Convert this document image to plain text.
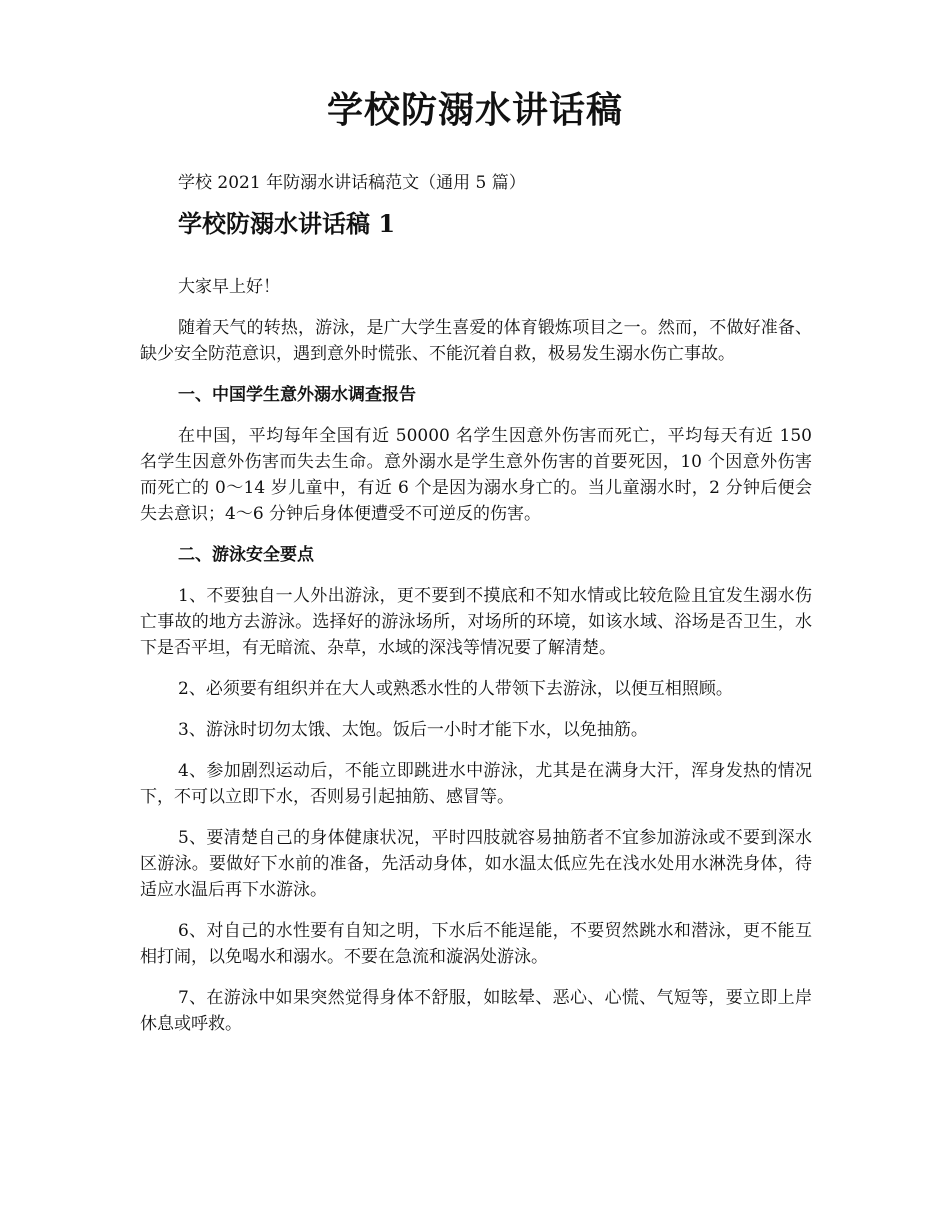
学校防溺水讲话稿

学校 2021 年防溺水讲话稿范文（通用 5 篇）

学校防溺水讲话稿 1

大家早上好！

随着天气的转热，游泳，是广大学生喜爱的体育锻炼项目之一。然而，不做好准备、缺少安全防范意识，遇到意外时慌张、不能沉着自救，极易发生溺水伤亡事故。

一、中国学生意外溺水调查报告

在中国，平均每年全国有近 50000 名学生因意外伤害而死亡，平均每天有近 150 名学生因意外伤害而失去生命。意外溺水是学生意外伤害的首要死因，10 个因意外伤害而死亡的 0～14 岁儿童中，有近 6 个是因为溺水身亡的。当儿童溺水时，2 分钟后便会失去意识；4～6 分钟后身体便遭受不可逆反的伤害。

二、游泳安全要点

1、不要独自一人外出游泳，更不要到不摸底和不知水情或比较危险且宜发生溺水伤亡事故的地方去游泳。选择好的游泳场所，对场所的环境，如该水域、浴场是否卫生，水下是否平坦，有无暗流、杂草，水域的深浅等情况要了解清楚。

2、必须要有组织并在大人或熟悉水性的人带领下去游泳，以便互相照顾。

3、游泳时切勿太饿、太饱。饭后一小时才能下水，以免抽筋。

4、参加剧烈运动后，不能立即跳进水中游泳，尤其是在满身大汗，浑身发热的情况下，不可以立即下水，否则易引起抽筋、感冒等。

5、要清楚自己的身体健康状况，平时四肢就容易抽筋者不宜参加游泳或不要到深水区游泳。要做好下水前的准备，先活动身体，如水温太低应先在浅水处用水淋洗身体，待适应水温后再下水游泳。

6、对自己的水性要有自知之明，下水后不能逞能，不要贸然跳水和潜泳，更不能互相打闹，以免喝水和溺水。不要在急流和漩涡处游泳。

7、在游泳中如果突然觉得身体不舒服，如眩晕、恶心、心慌、气短等，要立即上岸休息或呼救。
